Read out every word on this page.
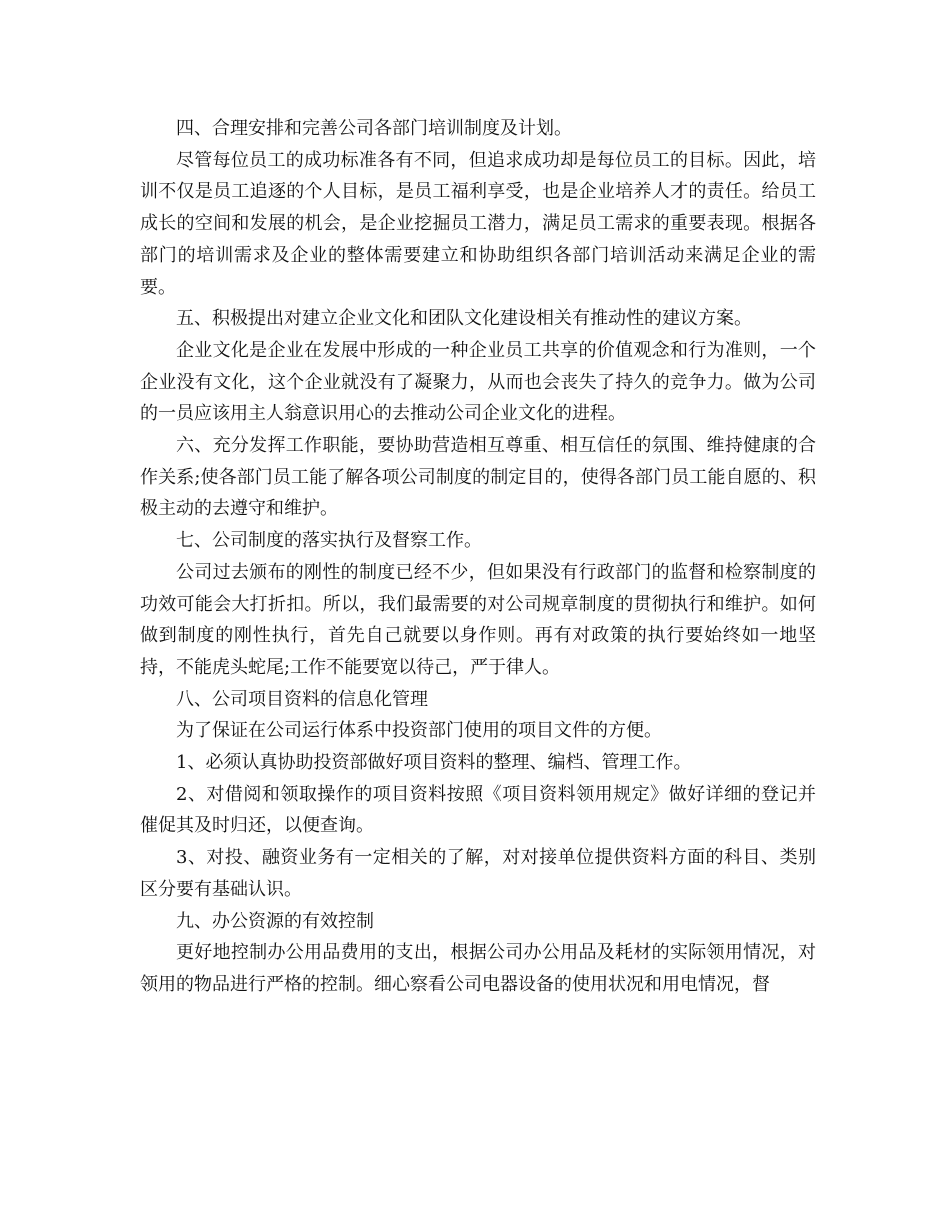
四、合理安排和完善公司各部门培训制度及计划。

尽管每位员工的成功标准各有不同，但追求成功却是每位员工的目标。因此，培训不仅是员工追逐的个人目标，是员工福利享受，也是企业培养人才的责任。给员工成长的空间和发展的机会，是企业挖掘员工潜力，满足员工需求的重要表现。根据各部门的培训需求及企业的整体需要建立和协助组织各部门培训活动来满足企业的需要。

五、积极提出对建立企业文化和团队文化建设相关有推动性的建议方案。

企业文化是企业在发展中形成的一种企业员工共享的价值观念和行为准则，一个企业没有文化，这个企业就没有了凝聚力，从而也会丧失了持久的竞争力。做为公司的一员应该用主人翁意识用心的去推动公司企业文化的进程。

六、充分发挥工作职能，要协助营造相互尊重、相互信任的氛围、维持健康的合作关系;使各部门员工能了解各项公司制度的制定目的，使得各部门员工能自愿的、积极主动的去遵守和维护。

七、公司制度的落实执行及督察工作。

公司过去颁布的刚性的制度已经不少，但如果没有行政部门的监督和检察制度的功效可能会大打折扣。所以，我们最需要的对公司规章制度的贯彻执行和维护。如何做到制度的刚性执行，首先自己就要以身作则。再有对政策的执行要始终如一地坚持，不能虎头蛇尾;工作不能要宽以待己，严于律人。

八、公司项目资料的信息化管理

为了保证在公司运行体系中投资部门使用的项目文件的方便。

1、必须认真协助投资部做好项目资料的整理、编档、管理工作。

2、对借阅和领取操作的项目资料按照《项目资料领用规定》做好详细的登记并催促其及时归还，以便查询。

3、对投、融资业务有一定相关的了解，对对接单位提供资料方面的科目、类别区分要有基础认识。

九、办公资源的有效控制

更好地控制办公用品费用的支出，根据公司办公用品及耗材的实际领用情况，对领用的物品进行严格的控制。细心察看公司电器设备的使用状况和用电情况，督
